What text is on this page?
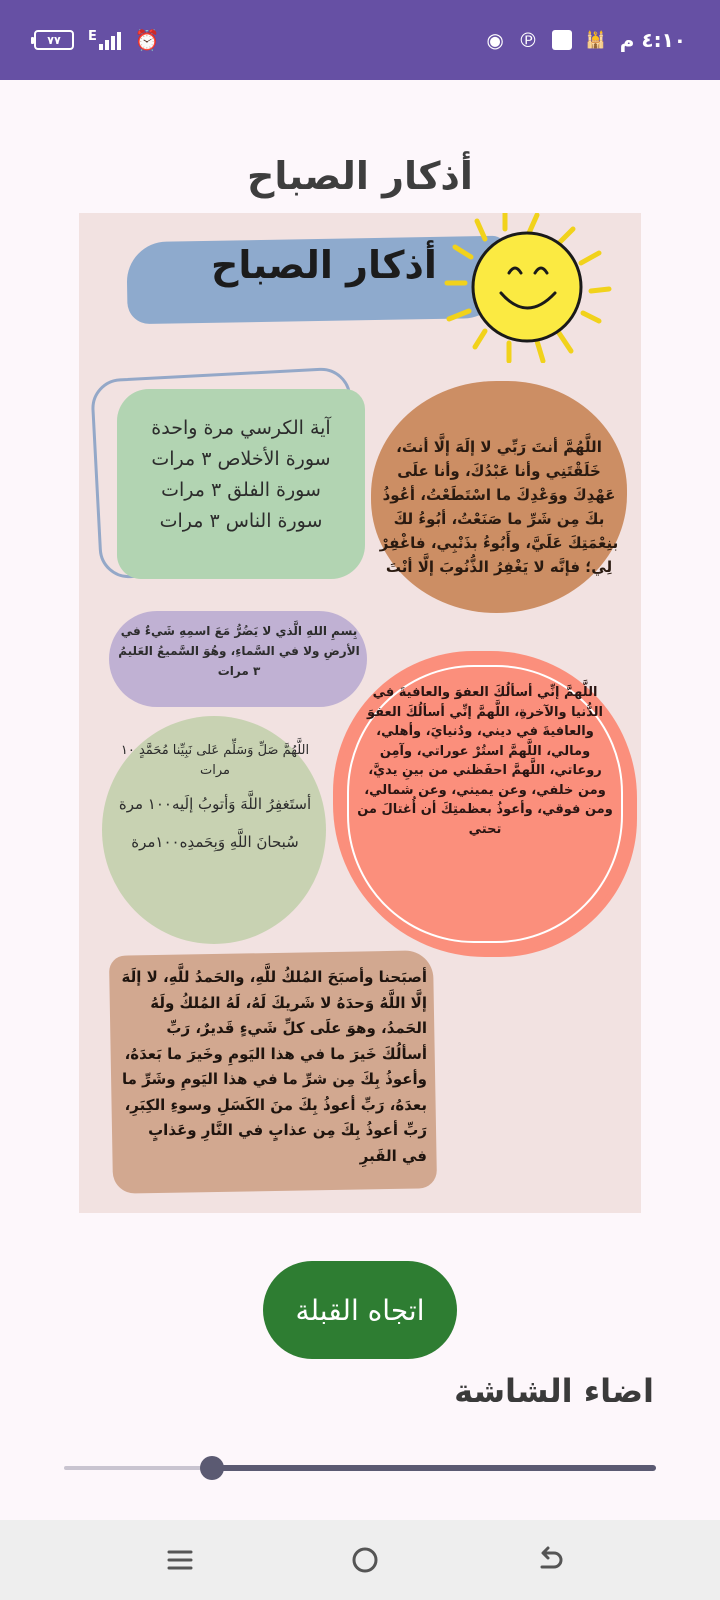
٧٧ E ⏰	◉ ℗	🕌 ٤:١٠ م
أذكار الصباح
أذكار الصباح
آية الكرسي مرة واحدة
سورة الأخلاص ٣ مرات
سورة الفلق ٣ مرات
سورة الناس ٣ مرات
اللَّهُمَّ أنتَ رَبِّي لا إلَهَ إلَّا أنتَ، خَلَقْتَنِي وأنا عَبْدُكَ، وأنا علَى عَهْدِكَ ووَعْدِكَ ما اسْتَطَعْتُ، أعُوذُ بكَ مِن شَرِّ ما صَنَعْتُ، أبُوءُ لكَ بنِعْمَتِكَ عَلَيَّ، وأَبُوءُ بذَنْبِي، فاغْفِرْ لِي؛ فإنَّه لا يَغْفِرُ الذُّنُوبَ إلَّا أنْتَ
بِسمِ اللهِ الَّذي لا يَضُرُّ مَعَ اسمِهِ شَيءٌ في الأرضِ ولا في السَّماءِ، وهُوَ السَّميعُ العَليمُ ٣ مرات
اللَّهُمَّ صَلِّ وَسَلِّم عَلى نَبِيِّنا مُحَمَّدٍ ١٠ مرات
أستَغفِرُ اللَّهَ وَأتوبُ إلَيه١٠٠ مرة
سُبحانَ اللَّهِ وَبِحَمدِه١٠٠مرة
اللَّهمَّ إنِّي أسألُكَ العفوَ والعافيةَ في الدُّنيا والآخرةِ، اللَّهمَّ إنِّي أسألُكَ العفوَ والعافيةَ في ديني، ودُنيايَ، وأهلي، ومالي، اللَّهمَّ استُرْ عوراتي، وآمِن روعاتي، اللَّهمَّ احفَظني من بينِ يديَّ، ومن خلفي، وعن يميني، وعن شمالي، ومن فوقي، وأعوذُ بعظمتِكَ أن أُغتالَ من تحتي
أصبَحنا وأصبَحَ المُلكُ للَّهِ، والحَمدُ للَّهِ، لا إلَهَ إلَّا اللَّهُ وَحدَهُ لا شَريكَ لَهُ، لَهُ المُلكُ ولَهُ الحَمدُ، وهوَ علَى كلِّ شَيءٍ قَديرٌ، رَبِّ أسألُكَ خَيرَ ما في هذا اليَومِ وخَيرَ ما بَعدَهُ، وأعوذُ بِكَ مِن شرِّ ما في هذا اليَومِ وشَرِّ ما بعدَهُ، رَبِّ أعوذُ بِكَ منَ الكَسَلِ وسوءِ الكِبَرِ، رَبِّ أعوذُ بِكَ مِن عذابٍ في النَّارِ وعَذابٍ في القَبرِ
اتجاه القبلة
اضاء الشاشة
